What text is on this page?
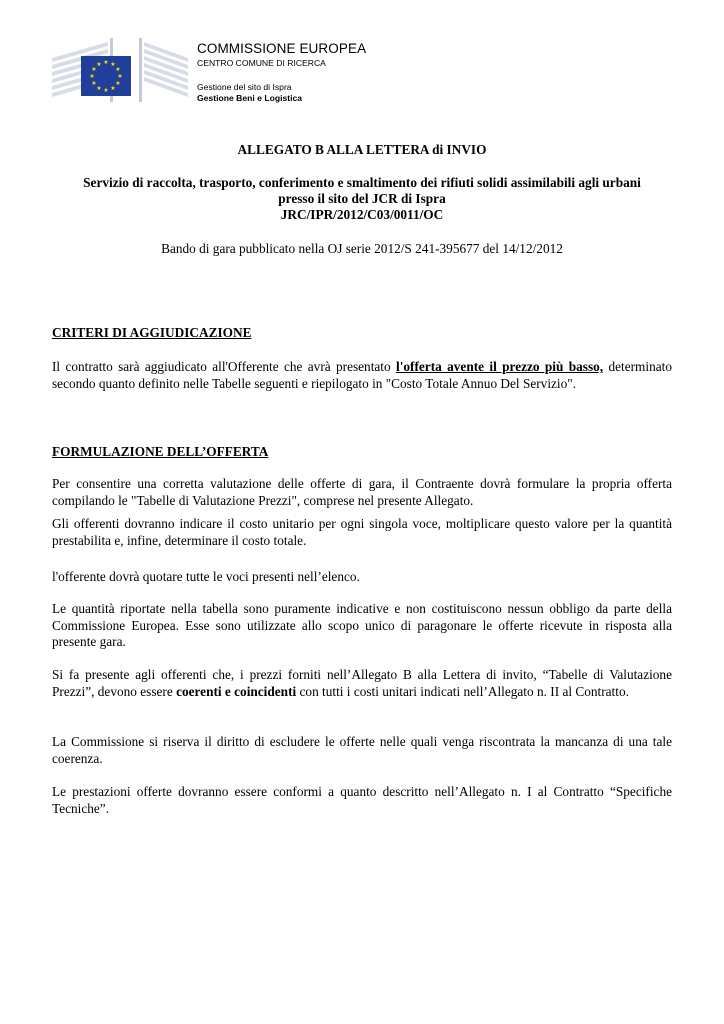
★ ★
★
★
★
★
★
★
★
★
★
★
COMMISSIONE EUROPEA
CENTRO COMUNE DI RICERCA
Gestione del sito di Ispra
Gestione Beni e Logistica
ALLEGATO B ALLA LETTERA di INVIO
Servizio di raccolta, trasporto, conferimento e smaltimento dei rifiuti solidi assimilabili agli urbani
presso il sito del JCR di Ispra
JRC/IPR/2012/C03/0011/OC
Bando di gara pubblicato nella OJ serie 2012/S 241-395677 del 14/12/2012
CRITERI DI AGGIUDICAZIONE

Il contratto sarà aggiudicato all'Offerente che avrà presentato l'offerta avente il prezzo più basso, determinato secondo quanto definito nelle Tabelle seguenti e riepilogato in "Costo Totale Annuo Del Servizio".

FORMULAZIONE DELL’OFFERTA

Per consentire una corretta valutazione delle offerte di gara, il Contraente dovrà formulare la propria offerta compilando le "Tabelle di Valutazione Prezzi", comprese nel presente Allegato.

Gli offerenti dovranno indicare il costo unitario per ogni singola voce, moltiplicare questo valore per la quantità prestabilita e, infine, determinare il costo totale.

l'offerente dovrà quotare tutte le voci presenti nell’elenco.

Le quantità riportate nella tabella sono puramente indicative e non costituiscono nessun obbligo da parte della Commissione Europea. Esse sono utilizzate allo scopo unico di paragonare le offerte ricevute in risposta alla presente gara.

Si fa presente agli offerenti che, i prezzi forniti nell’Allegato B alla Lettera di invito, “Tabelle di Valutazione Prezzi”, devono essere coerenti e coincidenti con tutti i costi unitari indicati nell’Allegato n. II al Contratto.

La Commissione si riserva il diritto di escludere le offerte nelle quali venga riscontrata la mancanza di una tale coerenza.

Le prestazioni offerte dovranno essere conformi a quanto descritto nell’Allegato n. I al Contratto “Specifiche Tecniche”.
